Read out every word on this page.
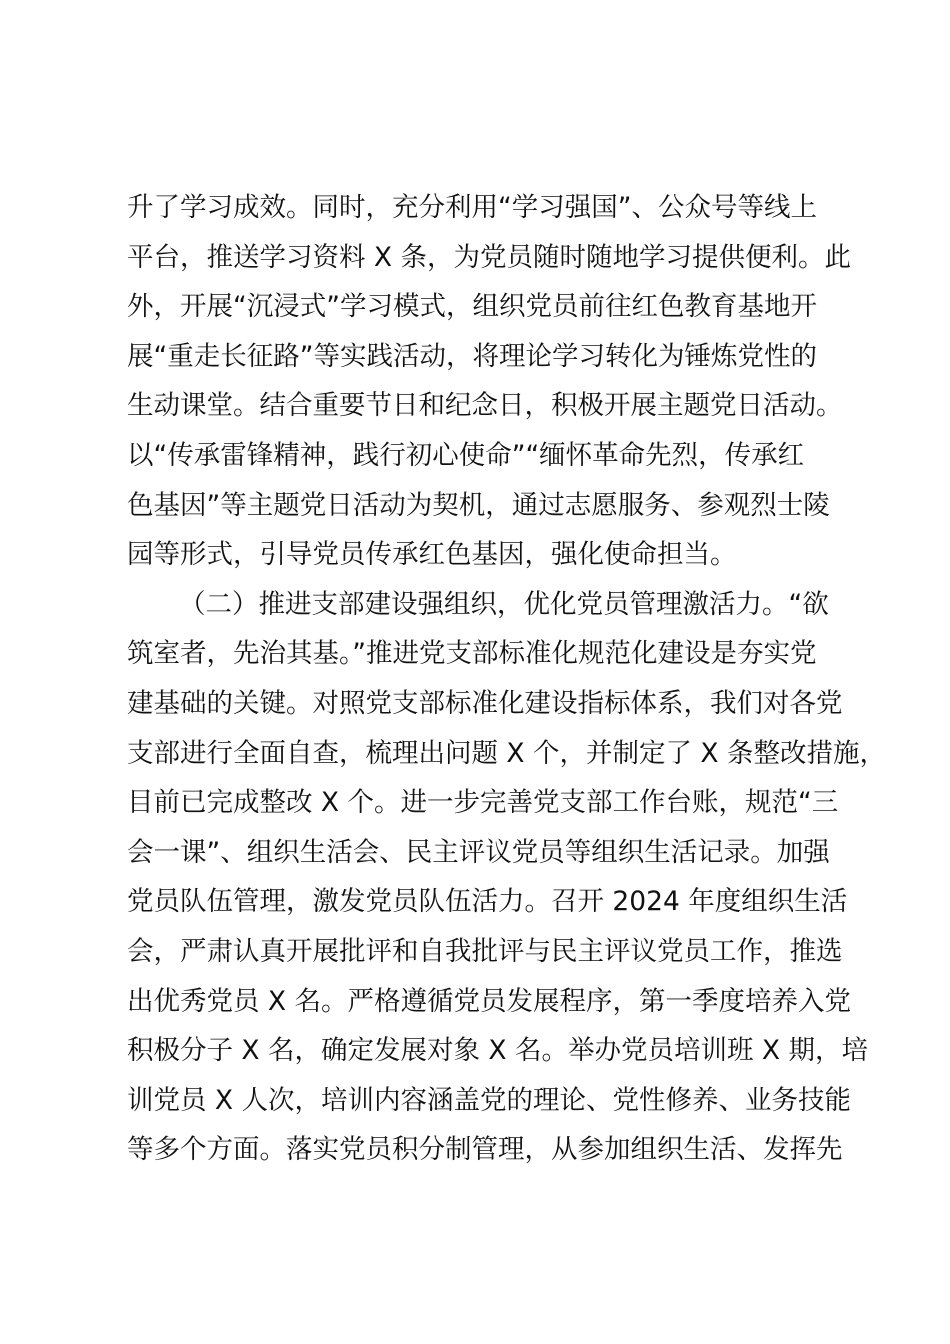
升了学习成效。同时，充分利用“学习强国”、公众号等线上
平台，推送学习资料 X 条，为党员随时随地学习提供便利。此
外，开展“沉浸式”学习模式，组织党员前往红色教育基地开
展“重走长征路”等实践活动，将理论学习转化为锤炼党性的
生动课堂。结合重要节日和纪念日，积极开展主题党日活动。
以“传承雷锋精神，践行初心使命”“缅怀革命先烈，传承红
色基因”等主题党日活动为契机，通过志愿服务、参观烈士陵
园等形式，引导党员传承红色基因，强化使命担当。
（二）推进支部建设强组织，优化党员管理激活力。“欲
筑室者，先治其基。”推进党支部标准化规范化建设是夯实党
建基础的关键。对照党支部标准化建设指标体系，我们对各党
支部进行全面自查，梳理出问题 X 个，并制定了 X 条整改措施，
目前已完成整改 X 个。进一步完善党支部工作台账，规范“三
会一课”、组织生活会、民主评议党员等组织生活记录。加强
党员队伍管理，激发党员队伍活力。召开 2024 年度组织生活
会，严肃认真开展批评和自我批评与民主评议党员工作，推选
出优秀党员 X 名。严格遵循党员发展程序，第一季度培养入党
积极分子 X 名，确定发展对象 X 名。举办党员培训班 X 期，培
训党员 X 人次，培训内容涵盖党的理论、党性修养、业务技能
等多个方面。落实党员积分制管理，从参加组织生活、发挥先
